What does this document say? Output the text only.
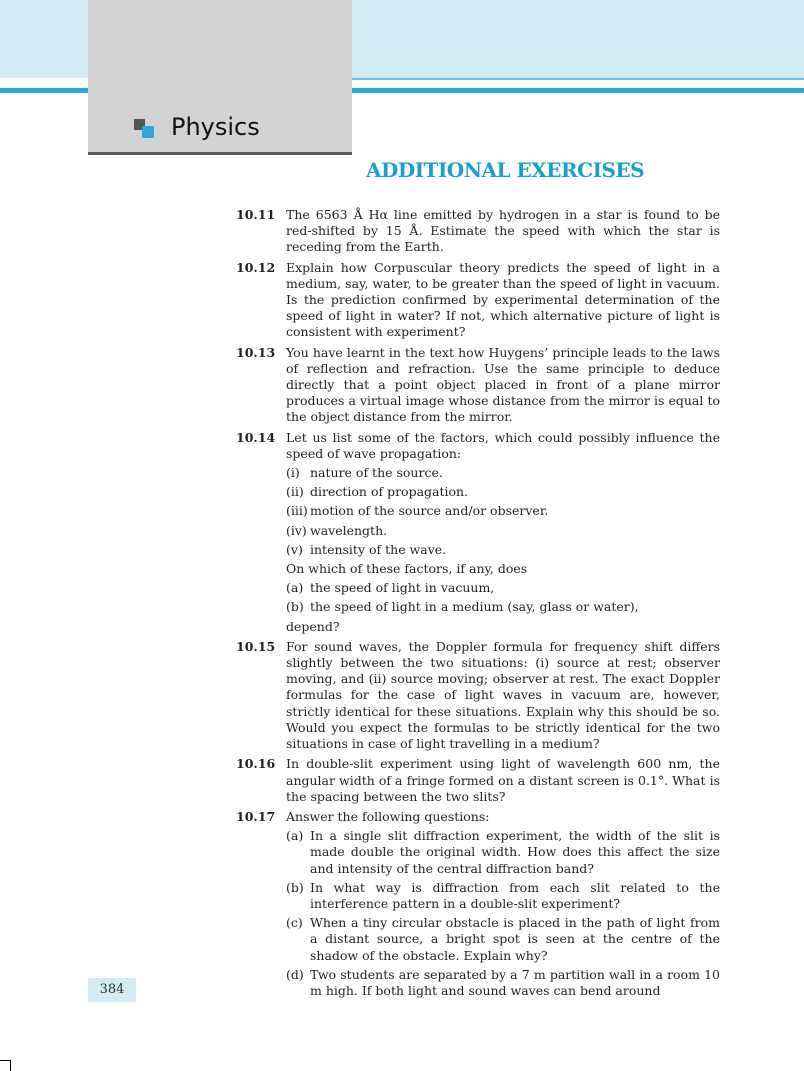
Physics
ADDITIONAL EXERCISES
10.11 The 6563 Å Hα line emitted by hydrogen in a star is found to be red-shifted by 15 Å. Estimate the speed with which the star is receding from the Earth.
10.12 Explain how Corpuscular theory predicts the speed of light in a medium, say, water, to be greater than the speed of light in vacuum. Is the prediction confirmed by experimental determination of the speed of light in water? If not, which alternative picture of light is consistent with experiment?
10.13 You have learnt in the text how Huygens’ principle leads to the laws of reflection and refraction. Use the same principle to deduce directly that a point object placed in front of a plane mirror produces a virtual image whose distance from the mirror is equal to the object distance from the mirror.
10.14 Let us list some of the factors, which could possibly influence the speed of wave propagation:
(i) nature of the source.
(ii) direction of propagation.
(iii) motion of the source and/or observer.
(iv) wavelength.
(v) intensity of the wave.
On which of these factors, if any, does
(a) the speed of light in vacuum,
(b) the speed of light in a medium (say, glass or water),
depend?
10.15 For sound waves, the Doppler formula for frequency shift differs slightly between the two situations: (i) source at rest; observer moving, and (ii) source moving; observer at rest. The exact Doppler formulas for the case of light waves in vacuum are, however, strictly identical for these situations. Explain why this should be so. Would you expect the formulas to be strictly identical for the two situations in case of light travelling in a medium?
10.16 In double-slit experiment using light of wavelength 600 nm, the angular width of a fringe formed on a distant screen is 0.1°. What is the spacing between the two slits?
10.17 Answer the following questions:
(a) In a single slit diffraction experiment, the width of the slit is made double the original width. How does this affect the size and intensity of the central diffraction band?
(b) In what way is diffraction from each slit related to the interference pattern in a double-slit experiment?
(c) When a tiny circular obstacle is placed in the path of light from a distant source, a bright spot is seen at the centre of the shadow of the obstacle. Explain why?
(d) Two students are separated by a 7 m partition wall in a room 10 m high. If both light and sound waves can bend around
384
